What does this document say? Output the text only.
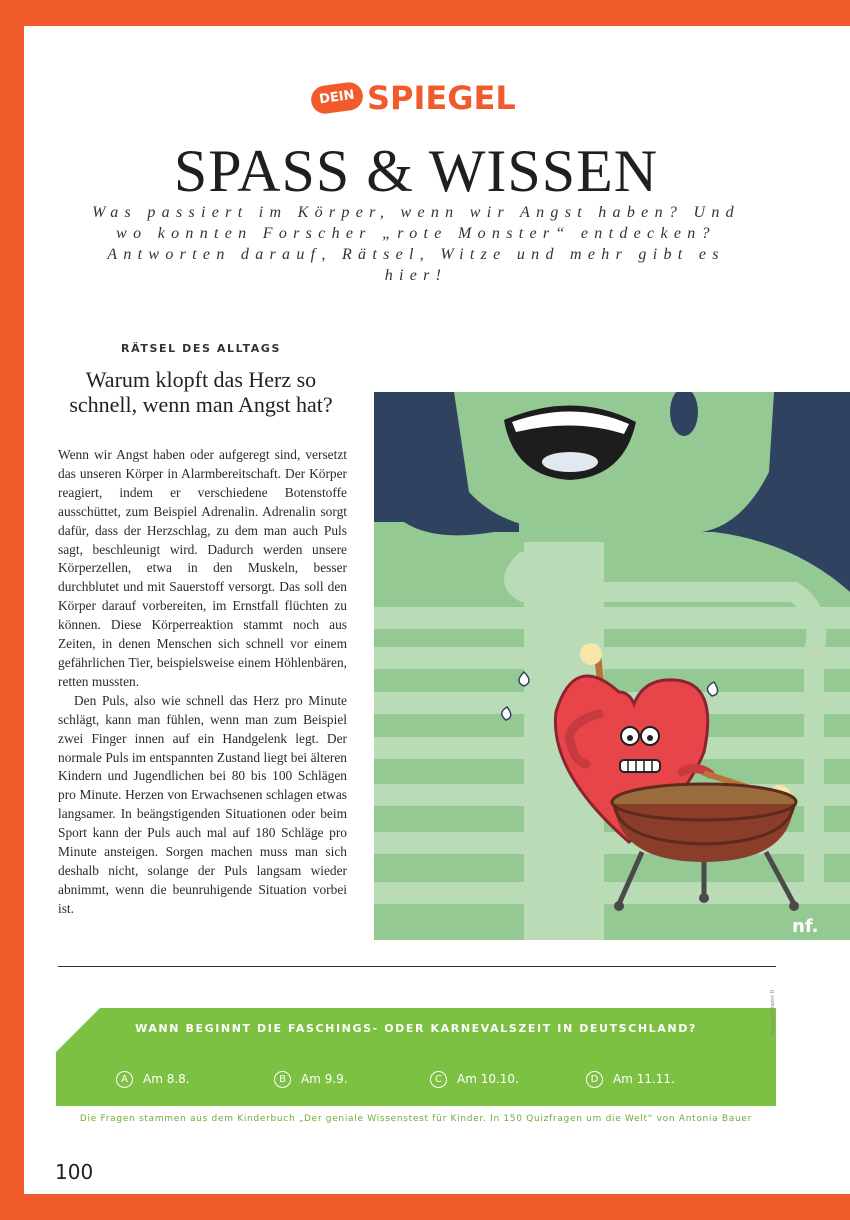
DEIN SPIEGEL
SPASS & WISSEN
Was passiert im Körper, wenn wir Angst haben? Und wo konnten Forscher „rote Monster“ entdecken? Antworten darauf, Rätsel, Witze und mehr gibt es hier!
RÄTSEL DES ALLTAGS
Warum klopft das Herz so schnell, wenn man Angst hat?

Wenn wir Angst haben oder aufgeregt sind, versetzt das unseren Körper in Alarmbereitschaft. Der Körper reagiert, indem er verschiedene Botenstoffe ausschüttet, zum Beispiel Adrenalin. Adrenalin sorgt dafür, dass der Herzschlag, zu dem man auch Puls sagt, beschleunigt wird. Dadurch werden unsere Körperzellen, etwa in den Muskeln, besser durchblutet und mit Sauerstoff versorgt. Das soll den Körper darauf vorbereiten, im Ernstfall flüchten zu können. Diese Körperreaktion stammt noch aus Zeiten, in denen Menschen sich schnell vor einem gefährlichen Tier, beispielsweise einem Höhlenbären, retten mussten.

Den Puls, also wie schnell das Herz pro Minute schlägt, kann man fühlen, wenn man zum Beispiel zwei Finger innen auf ein Handgelenk legt. Der normale Puls im entspannten Zustand liegt bei älteren Kindern und Jugendlichen bei 80 bis 100 Schlägen pro Minute. Herzen von Erwachsenen schlagen etwas langsamer. In beängstigenden Situationen oder beim Sport kann der Puls auch mal auf 180 Schläge pro Minute ansteigen. Sorgen machen muss man sich deshalb nicht, solange der Puls langsam wieder abnimmt, wenn die beunruhigende Situation vorbei ist.

nf.
WANN BEGINNT DIE FASCHINGS- ODER KARNEVALSZEIT IN DEUTSCHLAND?
A	Am 8.8.	B	Am 9.9.	C	Am 10.10.	D	Am 11.11.
Lösung: Antwort D
Die Fragen stammen aus dem Kinderbuch „Der geniale Wissenstest für Kinder. In 150 Quizfragen um die Welt“ von Antonia Bauer
100
